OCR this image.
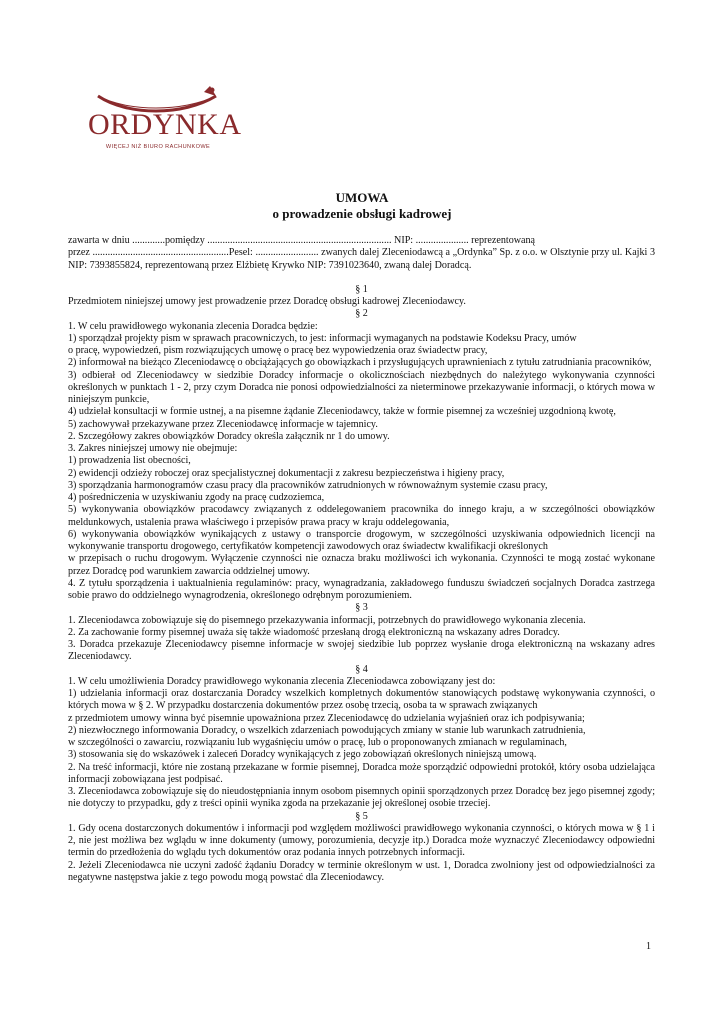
ORDYNKA
WIĘCEJ NIŻ BIURO RACHUNKOWE
UMOWA
o prowadzenie obsługi kadrowej

zawarta w dniu .............pomiędzy ......................................................................... NIP: ..................... reprezentowaną

przez ......................................................Pesel: ......................... zwanych dalej Zleceniodawcą a „Ordynka” Sp. z o.o. w Olsztynie przy ul. Kajki 3 NIP: 7393855824, reprezentowaną przez Elżbietę Krywko NIP: 7391023640, zwaną dalej Doradcą.

§ 1

Przedmiotem niniejszej umowy jest prowadzenie przez Doradcę obsługi kadrowej Zleceniodawcy.

§ 2

1. W celu prawidłowego wykonania zlecenia Doradca będzie:

1) sporządzał projekty pism w sprawach pracowniczych, to jest: informacji wymaganych na podstawie Kodeksu Pracy, umów

o pracę, wypowiedzeń, pism rozwiązujących umowę o pracę bez wypowiedzenia oraz świadectw pracy,

2) informował na bieżąco Zleceniodawcę o obciążających go obowiązkach i przysługujących uprawnieniach z tytułu zatrudniania pracowników,

3) odbierał od Zleceniodawcy w siedzibie Doradcy informacje o okolicznościach niezbędnych do należytego wykonywania czynności określonych w punktach 1 - 2, przy czym Doradca nie ponosi odpowiedzialności za nieterminowe przekazywanie informacji, o których mowa w niniejszym punkcie,

4) udzielał konsultacji w formie ustnej, a na pisemne żądanie Zleceniodawcy, także w formie pisemnej za wcześniej uzgodnioną kwotę,

5) zachowywał przekazywane przez Zleceniodawcę informacje w tajemnicy.

2. Szczegółowy zakres obowiązków Doradcy określa załącznik nr 1 do umowy.

3. Zakres niniejszej umowy nie obejmuje:

1) prowadzenia list obecności,

2) ewidencji odzieży roboczej oraz specjalistycznej dokumentacji z zakresu bezpieczeństwa i higieny pracy,

3) sporządzania harmonogramów czasu pracy dla pracowników zatrudnionych w równoważnym systemie czasu pracy,

4) pośredniczenia w uzyskiwaniu zgody na pracę cudzoziemca,

5) wykonywania obowiązków pracodawcy związanych z oddelegowaniem pracownika do innego kraju, a w szczególności obowiązków meldunkowych, ustalenia prawa właściwego i przepisów prawa pracy w kraju oddelegowania,

6) wykonywania obowiązków wynikających z ustawy o transporcie drogowym, w szczególności uzyskiwania odpowiednich licencji na wykonywanie transportu drogowego, certyfikatów kompetencji zawodowych oraz świadectw kwalifikacji określonych

w przepisach o ruchu drogowym. Wyłączenie czynności nie oznacza braku możliwości ich wykonania. Czynności te mogą zostać wykonane przez Doradcę pod warunkiem zawarcia oddzielnej umowy.

4. Z tytułu sporządzenia i uaktualnienia regulaminów: pracy, wynagradzania, zakładowego funduszu świadczeń socjalnych Doradca zastrzega sobie prawo do oddzielnego wynagrodzenia, określonego odrębnym porozumieniem.

§ 3

1. Zleceniodawca zobowiązuje się do pisemnego przekazywania informacji, potrzebnych do prawidłowego wykonania zlecenia.

2. Za zachowanie formy pisemnej uważa się także wiadomość przesłaną drogą elektroniczną na wskazany adres Doradcy.

3. Doradca przekazuje Zleceniodawcy pisemne informacje w swojej siedzibie lub poprzez wysłanie droga elektroniczną na wskazany adres Zleceniodawcy.

§ 4

1. W celu umożliwienia Doradcy prawidłowego wykonania zlecenia Zleceniodawca zobowiązany jest do:

1) udzielania informacji oraz dostarczania Doradcy wszelkich kompletnych dokumentów stanowiących podstawę wykonywania czynności, o których mowa w § 2. W przypadku dostarczenia dokumentów przez osobę trzecią, osoba ta w sprawach związanych

z przedmiotem umowy winna być pisemnie upoważniona przez Zleceniodawcę do udzielania wyjaśnień oraz ich podpisywania;

2) niezwłocznego informowania Doradcy, o wszelkich zdarzeniach powodujących zmiany w stanie lub warunkach zatrudnienia,

w szczególności o zawarciu, rozwiązaniu lub wygaśnięciu umów o pracę, lub o proponowanych zmianach w regulaminach,

3) stosowania się do wskazówek i zaleceń Doradcy wynikających z jego zobowiązań określonych niniejszą umową.

2. Na treść informacji, które nie zostaną przekazane w formie pisemnej, Doradca może sporządzić odpowiedni protokół, który osoba udzielająca informacji zobowiązana jest podpisać.

3. Zleceniodawca zobowiązuje się do nieudostępniania innym osobom pisemnych opinii sporządzonych przez Doradcę bez jego pisemnej zgody; nie dotyczy to przypadku, gdy z treści opinii wynika zgoda na przekazanie jej określonej osobie trzeciej.

§ 5

1. Gdy ocena dostarczonych dokumentów i informacji pod względem możliwości prawidłowego wykonania czynności, o których mowa w § 1 i 2, nie jest możliwa bez wglądu w inne dokumenty (umowy, porozumienia, decyzje itp.) Doradca może wyznaczyć Zleceniodawcy odpowiedni termin do przedłożenia do wglądu tych dokumentów oraz podania innych potrzebnych informacji.

2. Jeżeli Zleceniodawca nie uczyni zadość żądaniu Doradcy w terminie określonym w ust. 1, Doradca zwolniony jest od odpowiedzialności za negatywne następstwa jakie z tego powodu mogą powstać dla Zleceniodawcy.

1
